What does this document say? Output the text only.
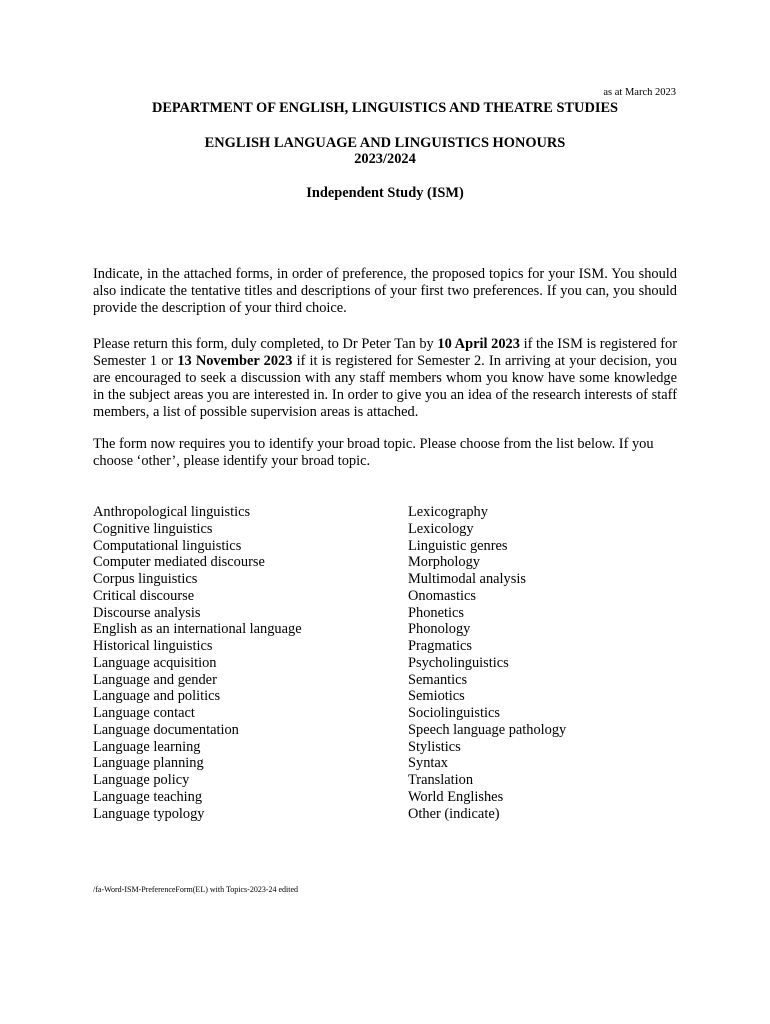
as at March 2023
DEPARTMENT OF ENGLISH, LINGUISTICS AND THEATRE STUDIES
ENGLISH LANGUAGE AND LINGUISTICS HONOURS
2023/2024
Independent Study (ISM)

Indicate, in the attached forms, in order of preference, the proposed topics for your ISM. You should also indicate the tentative titles and descriptions of your first two preferences. If you can, you should provide the description of your third choice.

Please return this form, duly completed, to Dr Peter Tan by 10 April 2023 if the ISM is registered for Semester 1 or 13 November 2023 if it is registered for Semester 2. In arriving at your decision, you are encouraged to seek a discussion with any staff members whom you know have some knowledge in the subject areas you are interested in. In order to give you an idea of the research interests of staff members, a list of possible supervision areas is attached.

The form now requires you to identify your broad topic. Please choose from the list below. If you choose ‘other’, please identify your broad topic.

Anthropological linguistics
Cognitive linguistics
Computational linguistics
Computer mediated discourse
Corpus linguistics
Critical discourse
Discourse analysis
English as an international language
Historical linguistics
Language acquisition
Language and gender
Language and politics
Language contact
Language documentation
Language learning
Language planning
Language policy
Language teaching
Language typology
Lexicography
Lexicology
Linguistic genres
Morphology
Multimodal analysis
Onomastics
Phonetics
Phonology
Pragmatics
Psycholinguistics
Semantics
Semiotics
Sociolinguistics
Speech language pathology
Stylistics
Syntax
Translation
World Englishes
Other (indicate)
/fa-Word-ISM-PreferenceForm(EL) with Topics-2023-24 edited
